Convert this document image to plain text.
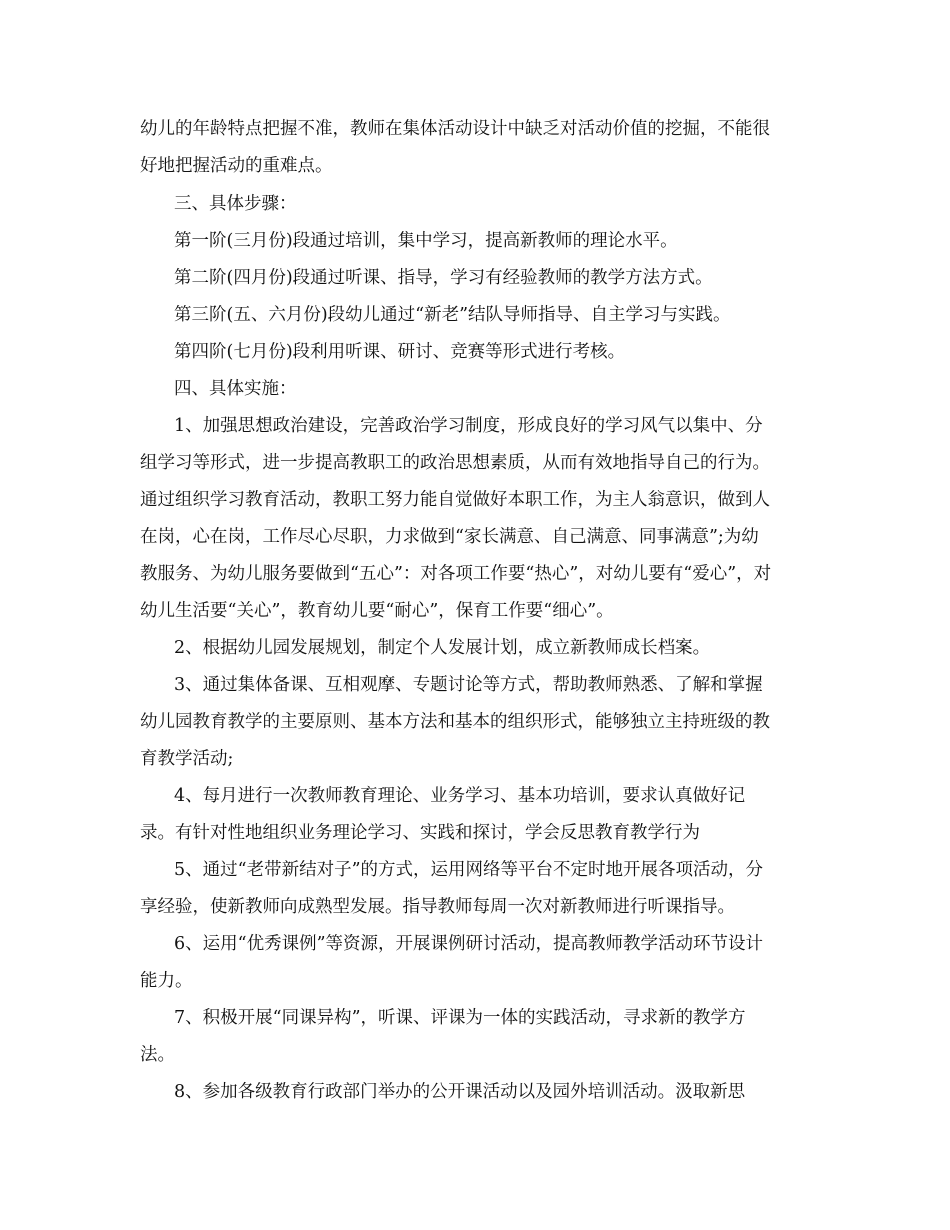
幼儿的年龄特点把握不准，教师在集体活动设计中缺乏对活动价值的挖掘，不能很
好地把握活动的重难点。
三、具体步骤：
第一阶(三月份)段通过培训，集中学习，提高新教师的理论水平。
第二阶(四月份)段通过听课、指导，学习有经验教师的教学方法方式。
第三阶(五、六月份)段幼儿通过“新老”结队导师指导、自主学习与实践。
第四阶(七月份)段利用听课、研讨、竞赛等形式进行考核。
四、具体实施：
1、加强思想政治建设，完善政治学习制度，形成良好的学习风气以集中、分
组学习等形式，进一步提高教职工的政治思想素质，从而有效地指导自己的行为。
通过组织学习教育活动，教职工努力能自觉做好本职工作，为主人翁意识，做到人
在岗，心在岗，工作尽心尽职，力求做到“家长满意、自己满意、同事满意”;为幼
教服务、为幼儿服务要做到“五心”：对各项工作要“热心”，对幼儿要有“爱心”，对
幼儿生活要“关心”，教育幼儿要“耐心”，保育工作要“细心”。
2、根据幼儿园发展规划，制定个人发展计划，成立新教师成长档案。
3、通过集体备课、互相观摩、专题讨论等方式，帮助教师熟悉、了解和掌握
幼儿园教育教学的主要原则、基本方法和基本的组织形式，能够独立主持班级的教
育教学活动;
4、每月进行一次教师教育理论、业务学习、基本功培训，要求认真做好记
录。有针对性地组织业务理论学习、实践和探讨，学会反思教育教学行为
5、通过“老带新结对子”的方式，运用网络等平台不定时地开展各项活动，分
享经验，使新教师向成熟型发展。指导教师每周一次对新教师进行听课指导。
6、运用“优秀课例”等资源，开展课例研讨活动，提高教师教学活动环节设计
能力。
7、积极开展“同课异构”，听课、评课为一体的实践活动，寻求新的教学方
法。
8、参加各级教育行政部门举办的公开课活动以及园外培训活动。汲取新思
